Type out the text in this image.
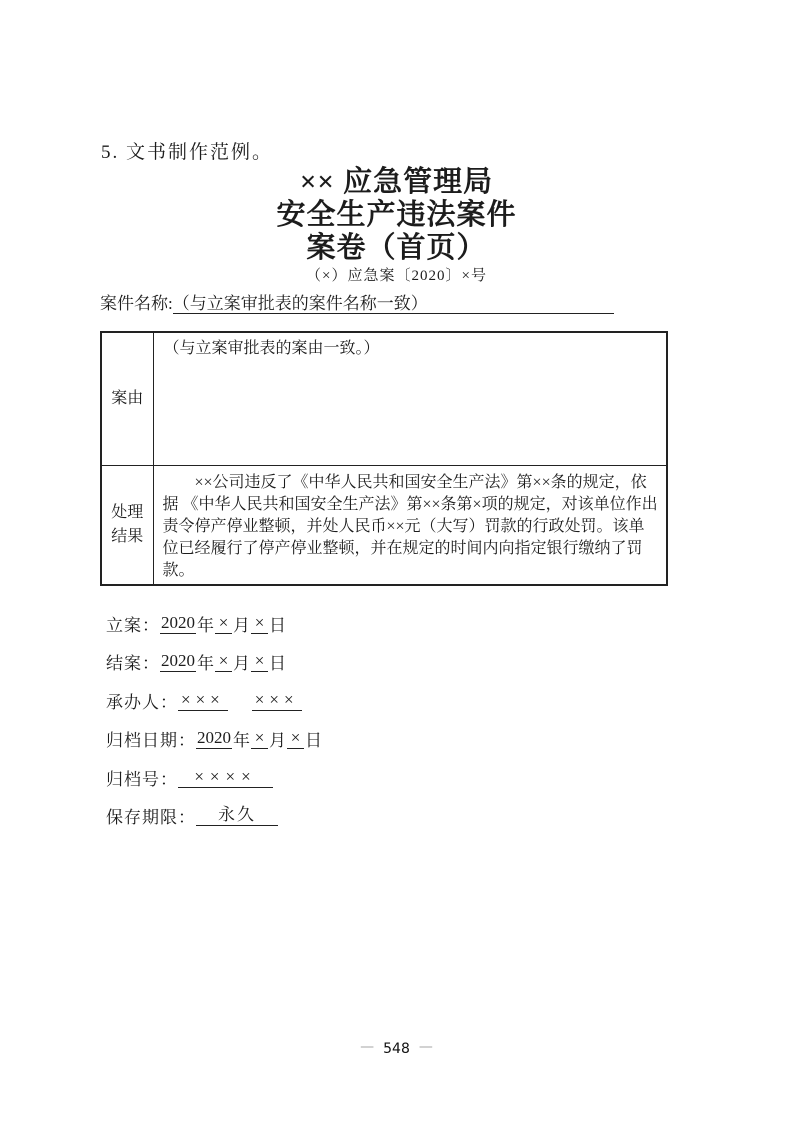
5. 文书制作范例。
×× 应急管理局
安全生产违法案件
案卷（首页）
（×）应急案〔2020〕×号
案件名称:（与立案审批表的案件名称一致）
案由	（与立案审批表的案由一致。）
处理结果	××公司违反了《中华人民共和国安全生产法》第××条的规定，依据 《中华人民共和国安全生产法》第××条第×项的规定，对该单位作出责令停产停业整顿，并处人民币××元（大写）罚款的行政处罚。该单位已经履行了停产停业整顿，并在规定的时间内向指定银行缴纳了罚款。
立案： 2020 年 × 月 × 日
结案： 2020 年 × 月 × 日
承办人： ××× ×××
归档日期： 2020 年 × 月 × 日
归档号： ××××
保存期限：	永久
— 548 —
